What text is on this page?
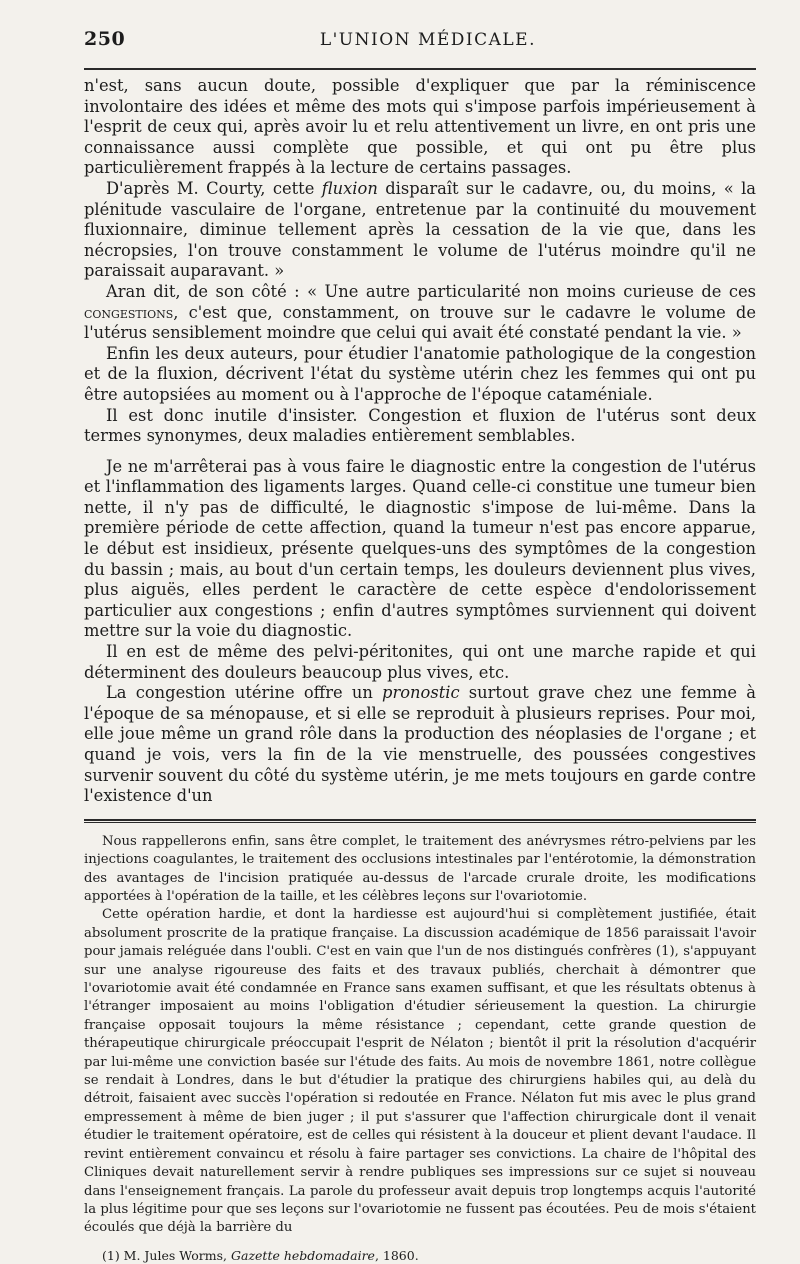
250	L'UNION MÉDICALE.

n'est, sans aucun doute, possible d'expliquer que par la réminiscence involontaire des idées et même des mots qui s'impose parfois impérieusement à l'esprit de ceux qui, après avoir lu et relu attentivement un livre, en ont pris une connaissance aussi complète que possible, et qui ont pu être plus particulièrement frappés à la lecture de certains passages.

D'après M. Courty, cette fluxion disparaît sur le cadavre, ou, du moins, « la plénitude vasculaire de l'organe, entretenue par la continuité du mouvement fluxionnaire, diminue tellement après la cessation de la vie que, dans les nécropsies, l'on trouve constamment le volume de l'utérus moindre qu'il ne paraissait auparavant. »

Aran dit, de son côté : « Une autre particularité non moins curieuse de ces congestions, c'est que, constamment, on trouve sur le cadavre le volume de l'utérus sensiblement moindre que celui qui avait été constaté pendant la vie. »

Enfin les deux auteurs, pour étudier l'anatomie pathologique de la congestion et de la fluxion, décrivent l'état du système utérin chez les femmes qui ont pu être autopsiées au moment ou à l'approche de l'époque cataméniale.

Il est donc inutile d'insister. Congestion et fluxion de l'utérus sont deux termes synonymes, deux maladies entièrement semblables.

Je ne m'arrêterai pas à vous faire le diagnostic entre la congestion de l'utérus et l'inflammation des ligaments larges. Quand celle-ci constitue une tumeur bien nette, il n'y pas de difficulté, le diagnostic s'impose de lui-même. Dans la première période de cette affection, quand la tumeur n'est pas encore apparue, le début est insidieux, présente quelques-uns des symptômes de la congestion du bassin ; mais, au bout d'un certain temps, les douleurs deviennent plus vives, plus aiguës, elles perdent le caractère de cette espèce d'endolorissement particulier aux congestions ; enfin d'autres symptômes surviennent qui doivent mettre sur la voie du diagnostic.

Il en est de même des pelvi-péritonites, qui ont une marche rapide et qui déterminent des douleurs beaucoup plus vives, etc.

La congestion utérine offre un pronostic surtout grave chez une femme à l'époque de sa ménopause, et si elle se reproduit à plusieurs reprises. Pour moi, elle joue même un grand rôle dans la production des néoplasies de l'organe ; et quand je vois, vers la fin de la vie menstruelle, des poussées congestives survenir souvent du côté du système utérin, je me mets toujours en garde contre l'existence d'un

Nous rappellerons enfin, sans être complet, le traitement des anévrysmes rétro-pelviens par les injections coagulantes, le traitement des occlusions intestinales par l'entérotomie, la démonstration des avantages de l'incision pratiquée au-dessus de l'arcade crurale droite, les modifications apportées à l'opération de la taille, et les célèbres leçons sur l'ovariotomie.

Cette opération hardie, et dont la hardiesse est aujourd'hui si complètement justifiée, était absolument proscrite de la pratique française. La discussion académique de 1856 paraissait l'avoir pour jamais reléguée dans l'oubli. C'est en vain que l'un de nos distingués confrères (1), s'appuyant sur une analyse rigoureuse des faits et des travaux publiés, cherchait à démontrer que l'ovariotomie avait été condamnée en France sans examen suffisant, et que les résultats obtenus à l'étranger imposaient au moins l'obligation d'étudier sérieusement la question. La chirurgie française opposait toujours la même résistance ; cependant, cette grande question de thérapeutique chirurgicale préoccupait l'esprit de Nélaton ; bientôt il prit la résolution d'acquérir par lui-même une conviction basée sur l'étude des faits. Au mois de novembre 1861, notre collègue se rendait à Londres, dans le but d'étudier la pratique des chirurgiens habiles qui, au delà du détroit, faisaient avec succès l'opération si redoutée en France. Nélaton fut mis avec le plus grand empressement à même de bien juger ; il put s'assurer que l'affection chirurgicale dont il venait étudier le traitement opératoire, est de celles qui résistent à la douceur et plient devant l'audace. Il revint entièrement convaincu et résolu à faire partager ses convictions. La chaire de l'hôpital des Cliniques devait naturellement servir à rendre publiques ses impressions sur ce sujet si nouveau dans l'enseignement français. La parole du professeur avait depuis trop longtemps acquis l'autorité la plus légitime pour que ses leçons sur l'ovariotomie ne fussent pas écoutées. Peu de mois s'étaient écoulés que déjà la barrière du

(1) M. Jules Worms, Gazette hebdomadaire, 1860.
